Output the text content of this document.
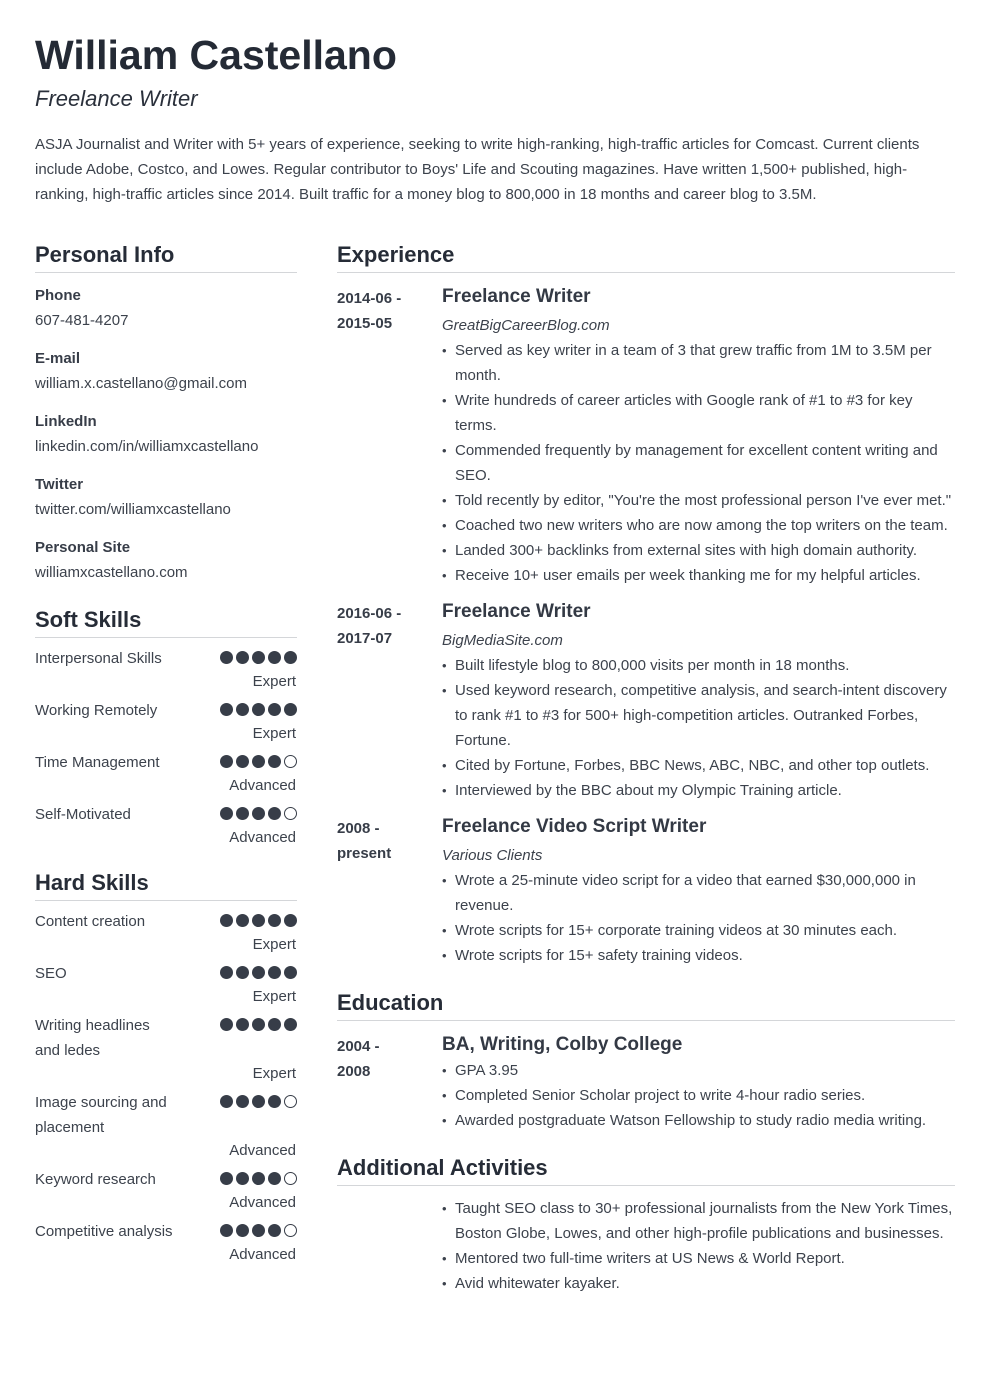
William Castellano
Freelance Writer
ASJA Journalist and Writer with 5+ years of experience, seeking to write high-ranking, high-traffic articles for Comcast. Current clients include Adobe, Costco, and Lowes. Regular contributor to Boys' Life and Scouting magazines. Have written 1,500+ published, high-ranking, high-traffic articles since 2014. Built traffic for a money blog to 800,000 in 18 months and career blog to 3.5M.
Personal Info
Phone
607-481-4207
E-mail
william.x.castellano@gmail.com
LinkedIn
linkedin.com/in/williamxcastellano
Twitter
twitter.com/williamxcastellano
Personal Site
williamxcastellano.com
Soft Skills
Interpersonal Skills
Expert
Working Remotely
Expert
Time Management
Advanced
Self-Motivated
Advanced
Hard Skills
Content creation
Expert
SEO
Expert
Writing headlines and ledes
Expert
Image sourcing and placement
Advanced
Keyword research
Advanced
Competitive analysis
Advanced
Experience
2014-06 -
2015-05
Freelance Writer
GreatBigCareerBlog.com
• Served as key writer in a team of 3 that grew traffic from 1M to 3.5M per month.
• Write hundreds of career articles with Google rank of #1 to #3 for key terms.
• Commended frequently by management for excellent content writing and SEO.
• Told recently by editor, "You're the most professional person I've ever met."
• Coached two new writers who are now among the top writers on the team.
• Landed 300+ backlinks from external sites with high domain authority.
• Receive 10+ user emails per week thanking me for my helpful articles.
2016-06 -
2017-07
Freelance Writer
BigMediaSite.com
• Built lifestyle blog to 800,000 visits per month in 18 months.
• Used keyword research, competitive analysis, and search-intent discovery to rank #1 to #3 for 500+ high-competition articles. Outranked Forbes, Fortune.
• Cited by Fortune, Forbes, BBC News, ABC, NBC, and other top outlets.
• Interviewed by the BBC about my Olympic Training article.
2008 -
present
Freelance Video Script Writer
Various Clients
• Wrote a 25-minute video script for a video that earned $30,000,000 in revenue.
• Wrote scripts for 15+ corporate training videos at 30 minutes each.
• Wrote scripts for 15+ safety training videos.
Education
2004 -
2008
BA, Writing, Colby College
• GPA 3.95
• Completed Senior Scholar project to write 4-hour radio series.
• Awarded postgraduate Watson Fellowship to study radio media writing.
Additional Activities
• Taught SEO class to 30+ professional journalists from the New York Times, Boston Globe, Lowes, and other high-profile publications and businesses.
• Mentored two full-time writers at US News & World Report.
• Avid whitewater kayaker.
